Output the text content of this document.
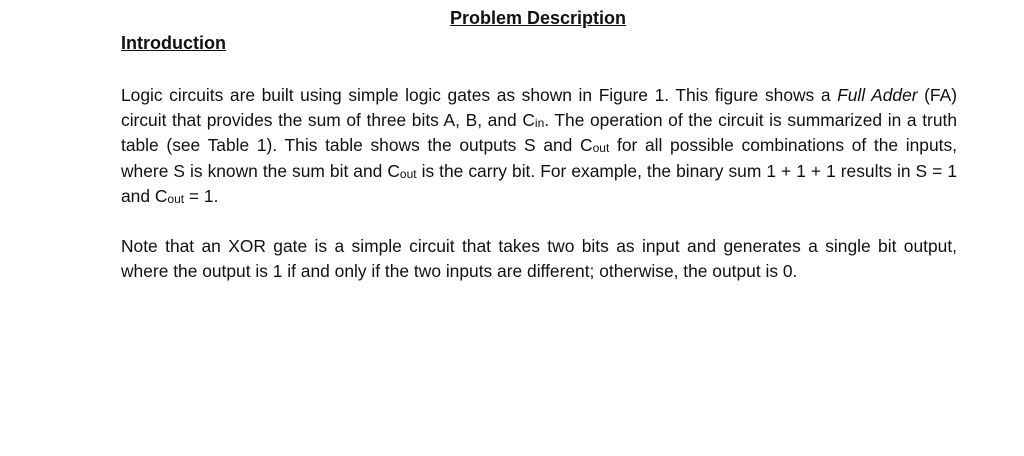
Problem Description
Introduction

Logic circuits are built using simple logic gates as shown in Figure 1. This figure shows a Full Adder (FA) circuit that provides the sum of three bits A, B, and $C_{in}$. The operation of the circuit is summarized in a truth table (see Table 1). This table shows the outputs S and $C_{out}$ for all possible combinations of the inputs, where S is known the sum bit and $C_{out}$ is the carry bit. For example, the binary sum 1 + 1 + 1 results in S = 1 and $C_{out} = 1$.

Note that an XOR gate is a simple circuit that takes two bits as input and generates a single bit output, where the output is 1 if and only if the two inputs are different; otherwise, the output is 0.
